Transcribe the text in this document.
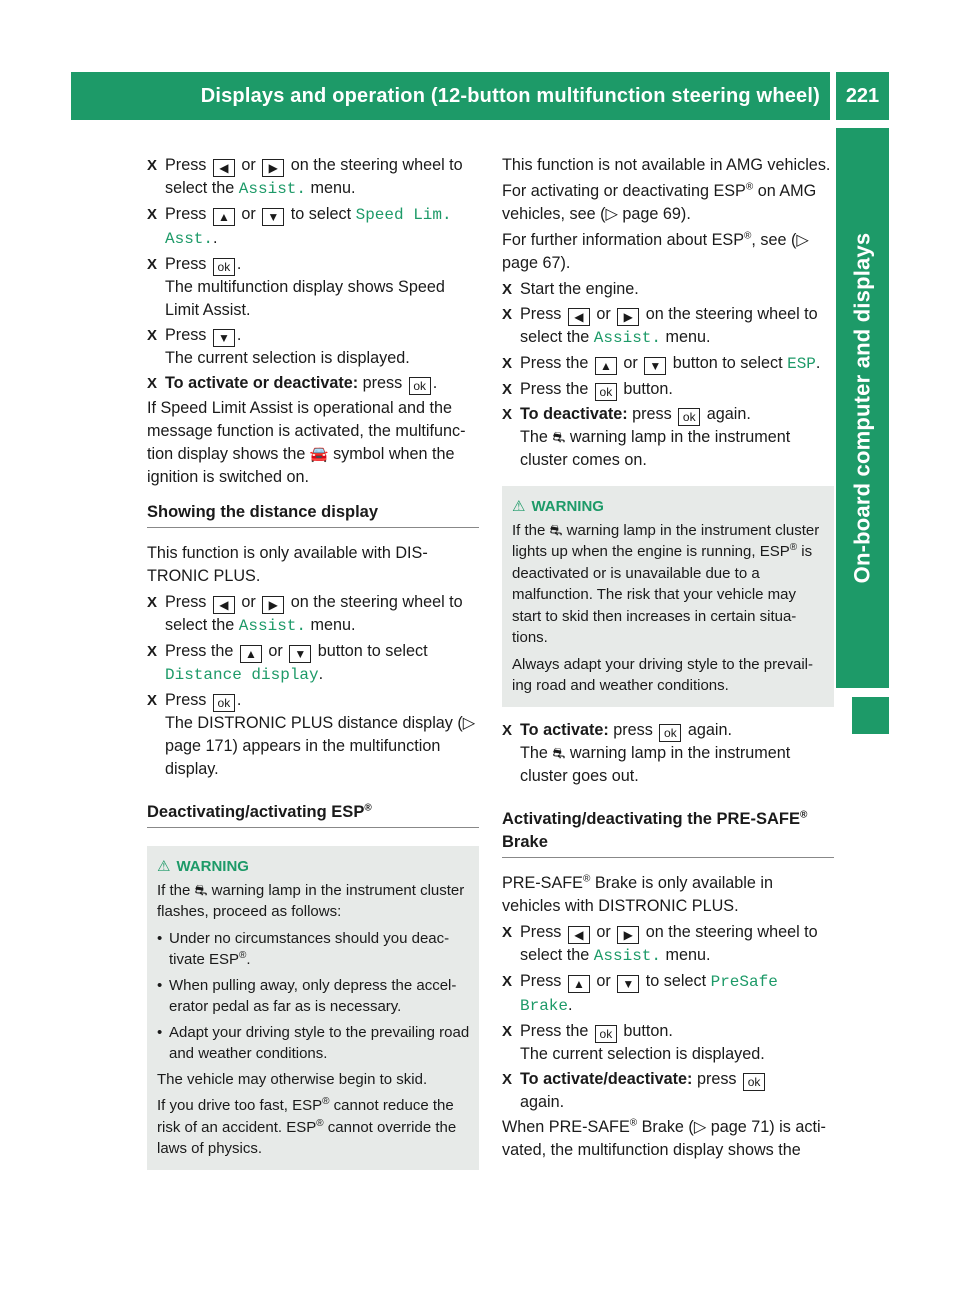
Displays and operation (12-button multifunction steering wheel)	221
On-board computer and displays
X Press ◀ or ▶ on the steering wheel to select the Assist. menu.
X Press ▲ or ▼ to select Speed Lim. Asst..
X Press ok .
The multifunction display shows Speed Limit Assist.
X Press ▼ .
The current selection is displayed.
X To activate or deactivate: press ok .

If Speed Limit Assist is operational and the message function is activated, the multifunc-tion display shows the 🚘 symbol when the ignition is switched on.

Showing the distance display

This function is only available with DIS-TRONIC PLUS.

X Press ◀ or ▶ on the steering wheel to select the Assist. menu.
X Press the ▲ or ▼ button to select Distance display.
X Press ok .
The DISTRONIC PLUS distance display (▷ page 171) appears in the multifunction display.
Deactivating/activating ESP®
⚠ WARNING

If the ⛐ warning lamp in the instrument cluster flashes, proceed as follows:

• Under no circumstances should you deac-tivate ESP®.
• When pulling away, only depress the accel-erator pedal as far as is necessary.
• Adapt your driving style to the prevailing road and weather conditions.

The vehicle may otherwise begin to skid.

If you drive too fast, ESP® cannot reduce the risk of an accident. ESP® cannot override the laws of physics.

This function is not available in AMG vehicles.

For activating or deactivating ESP® on AMG vehicles, see (▷ page 69).

For further information about ESP®, see (▷ page 67).

X Start the engine.
X Press ◀ or ▶ on the steering wheel to select the Assist. menu.
X Press the ▲ or ▼ button to select ESP.
X Press the ok button.
X To deactivate: press ok again.
The ⛐ warning lamp in the instrument cluster comes on.
⚠ WARNING

If the ⛐ warning lamp in the instrument cluster lights up when the engine is running, ESP® is deactivated or is unavailable due to a malfunction. The risk that your vehicle may start to skid then increases in certain situa-tions.

Always adapt your driving style to the prevail-ing road and weather conditions.

X To activate: press ok again.
The ⛐ warning lamp in the instrument cluster goes out.
Activating/deactivating the PRE-SAFE®
Brake

PRE-SAFE® Brake is only available in vehicles with DISTRONIC PLUS.

X Press ◀ or ▶ on the steering wheel to select the Assist. menu.
X Press ▲ or ▼ to select PreSafe Brake.
X Press the ok button.
The current selection is displayed.
X To activate/deactivate: press ok
again.

When PRE-SAFE® Brake (▷ page 71) is acti-vated, the multifunction display shows the
